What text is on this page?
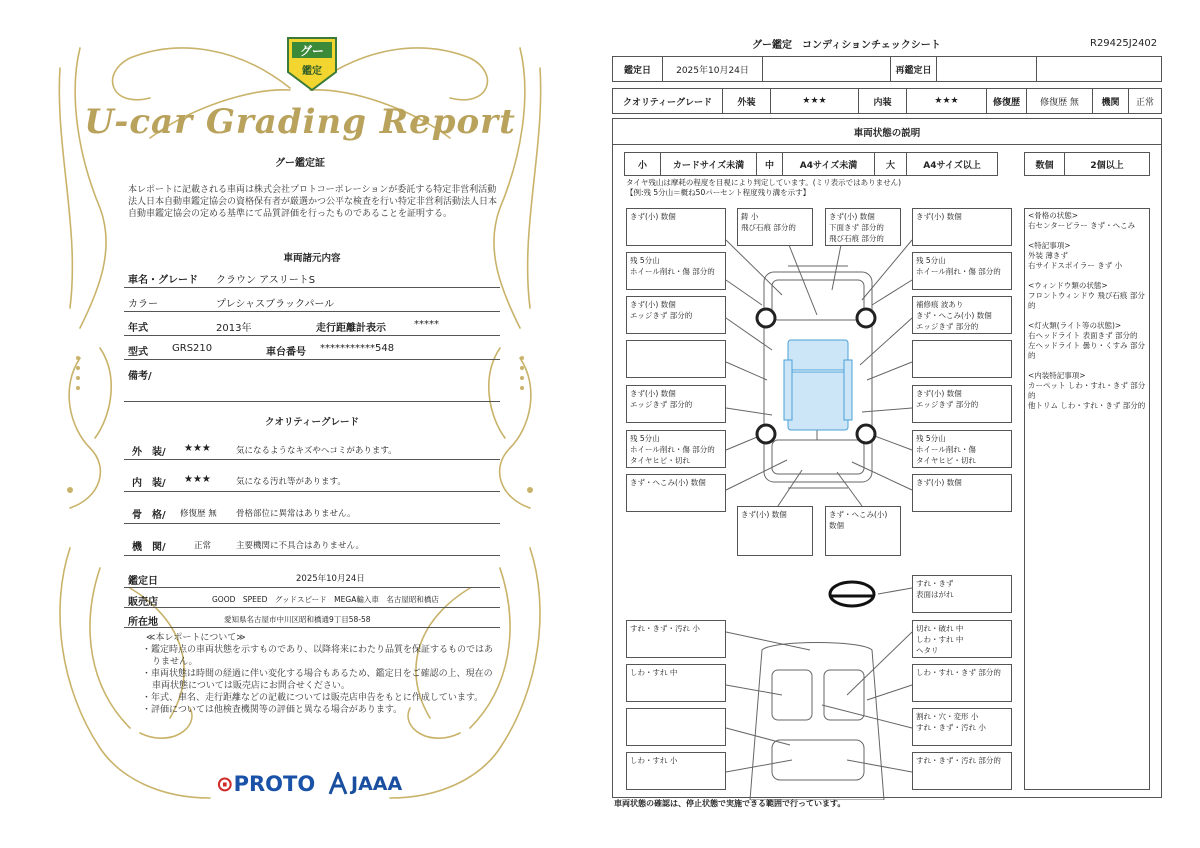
グー
鑑定
U-car Grading Report
グー鑑定証
本レポートに記載される車両は株式会社プロトコーポレーションが委託する特定非営利活動法人日本自動車鑑定協会の資格保有者が厳選かつ公平な検査を行い特定非営利活動法人日本自動車鑑定協会の定める基準にて品質評価を行ったものであることを証明する。
車両諸元内容
車名・グレード クラウン アスリートS
カラー	プレシャスブラックパール
年式	2013年	走行距離計表示	*****
型式 GRS210	車台番号 ***********548
備考/
クオリティーグレード
外　装/ ★★★	気になるようなキズやヘコミがあります。
内　装/ ★★★	気になる汚れ等があります。
骨　格/ 修復歴 無 骨格部位に異常はありません。
機　関/	正常	主要機関に不具合はありません。
鑑定日	2025年10月24日
販売店	GOOD　SPEED　グッドスピード　MEGA輸入車　名古屋昭和橋店
所在地	愛知県名古屋市中川区昭和橋通9丁目58-58
≪本レポートについて≫
・鑑定時点の車両状態を示すものであり、以降将来にわたり品質を保証するものではありません。
・車両状態は時間の経過に伴い変化する場合もあるため、鑑定日をご確認の上、現在の車両状態については販売店にお問合せください。
・年式、車名、走行距離などの記載については販売店申告をもとに作成しています。
・評価については他検査機関等の評価と異なる場合があります。
⊙PROTO JAAA
グー鑑定　コンディションチェックシート	R29425J2402
鑑定日	2025年10月24日	再鑑定日
クオリティーグレード	外装	★★★	内装	★★★	修復歴	修復歴 無	機関	正常
車両状態の説明
小	カードサイズ未満	中	A4サイズ未満	大	A4サイズ以上	数個	2個以上
タイヤ残山は摩耗の程度を目視により判定しています。(ミリ表示ではありません)
【例:残 5分山＝概ね50パーセント程度残り溝を示す】
きず(小) 数個	鋳 小
飛び石痕 部分的
きず(小) 数個
下面きず 部分的
飛び石痕 部分的
きず(小) 数個
残 5分山
ホイール削れ・傷 部分的
残 5分山
ホイール削れ・傷 部分的
きず(小) 数個
エッジきず 部分的
補修痕 波あり
きず・へこみ(小) 数個
エッジきず 部分的
きず(小) 数個
エッジきず 部分的
きず(小) 数個
エッジきず 部分的
残 5分山
ホイール削れ・傷 部分的
タイヤヒビ・切れ
残 5分山
ホイール削れ・傷
タイヤヒビ・切れ
きず・へこみ(小) 数個	きず(小) 数個
きず(小) 数個	きず・へこみ(小) 数個
すれ・きず
表面はがれ
すれ・きず・汚れ 小	切れ・破れ 中
しわ・すれ 中
ヘタリ
しわ・すれ 中	しわ・すれ・きず 部分的
割れ・穴・変形 小
すれ・きず・汚れ 小
しわ・すれ 小	すれ・きず・汚れ 部分的
<骨格の状態>
右センターピラー きず・へこみ
<特記事項>
外装 薄きず
右サイドスポイラー きず 小
<ウィンドウ類の状態>
フロントウィンドウ 飛び石痕 部分的
<灯火類(ライト等の状態)>
右ヘッドライト 表面きず 部分的
左ヘッドライト 曇り・くすみ 部分的
<内装特記事項>
カーペット しわ・すれ・きず 部分的
他トリム しわ・すれ・きず 部分的
車両状態の確認は、停止状態で実施できる範囲で行っています。
